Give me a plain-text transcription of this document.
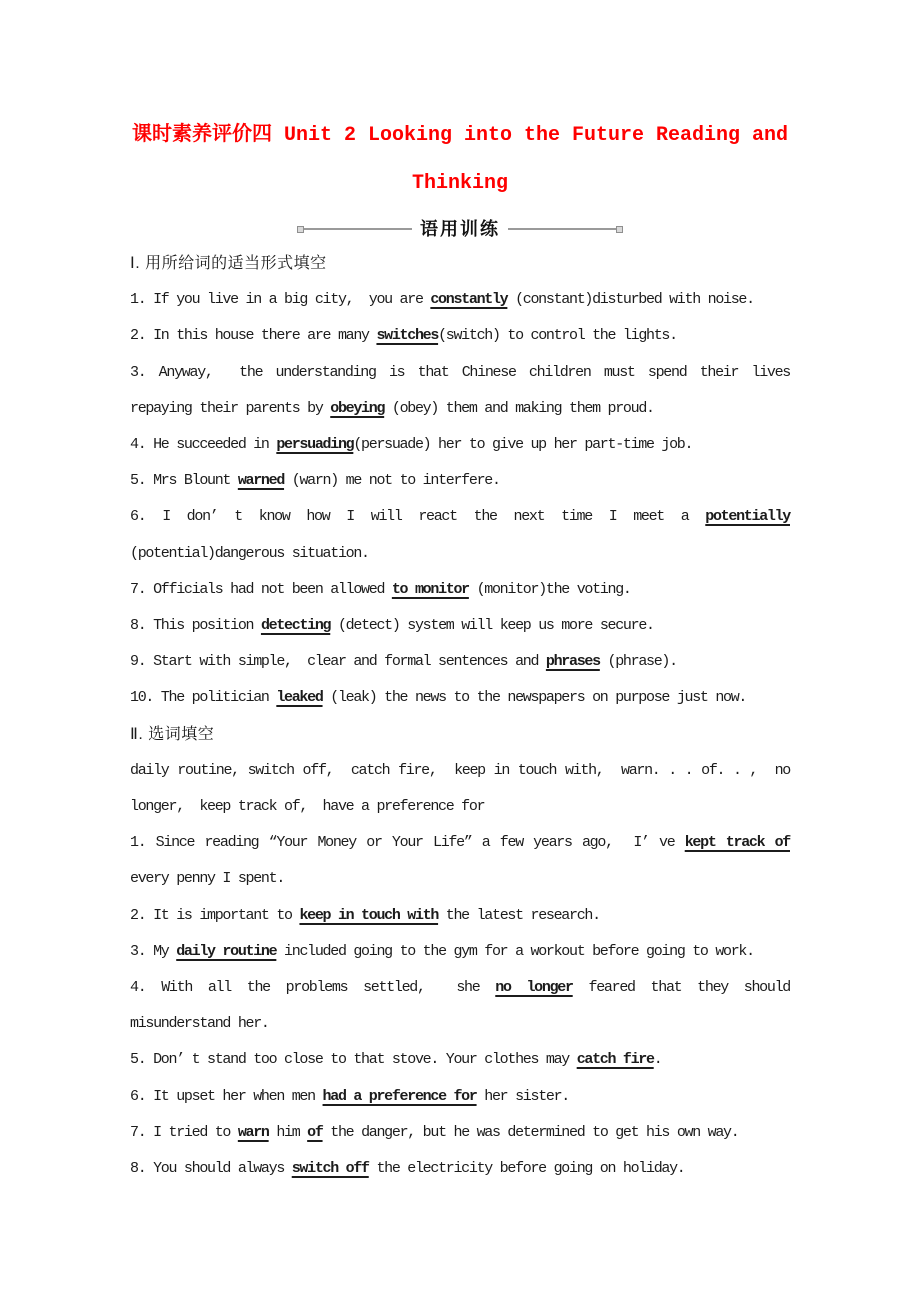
课时素养评价四 Unit 2 Looking into the Future Reading and Thinking
语用训练

Ⅰ. 用所给词的适当形式填空

1. If you live in a big city,  you are constantly (constant)disturbed with noise.

2. In this house there are many switches(switch) to control the lights.

3. Anyway,  the understanding is that Chinese children must spend their lives repaying their parents by obeying (obey) them and making them proud.

4. He succeeded in persuading(persuade) her to give up her part-time job.

5. Mrs Blount warned (warn) me not to interfere.

6. I don’ t know how I will react the next time I meet a potentially (potential)dangerous situation.

7. Officials had not been allowed to monitor (monitor)the voting.

8. This position detecting (detect) system will keep us more secure.

9. Start with simple,  clear and formal sentences and phrases (phrase).

10. The politician leaked (leak) the news to the newspapers on purpose just now.

Ⅱ. 选词填空

daily routine, switch off,  catch fire,  keep in touch with,  warn. . . of. . ,  no longer,  keep track of,  have a preference for

1. Since reading “Your Money or Your Life” a few years ago,  I’ ve kept track of every penny I spent.

2. It is important to keep in touch with the latest research.

3. My daily routine included going to the gym for a workout before going to work.

4. With all the problems settled,  she no longer feared that they should misunderstand her.

5. Don’ t stand too close to that stove. Your clothes may catch fire.

6. It upset her when men had a preference for her sister.

7. I tried to warn him of the danger, but he was determined to get his own way.

8. You should always switch off the electricity before going on holiday.
